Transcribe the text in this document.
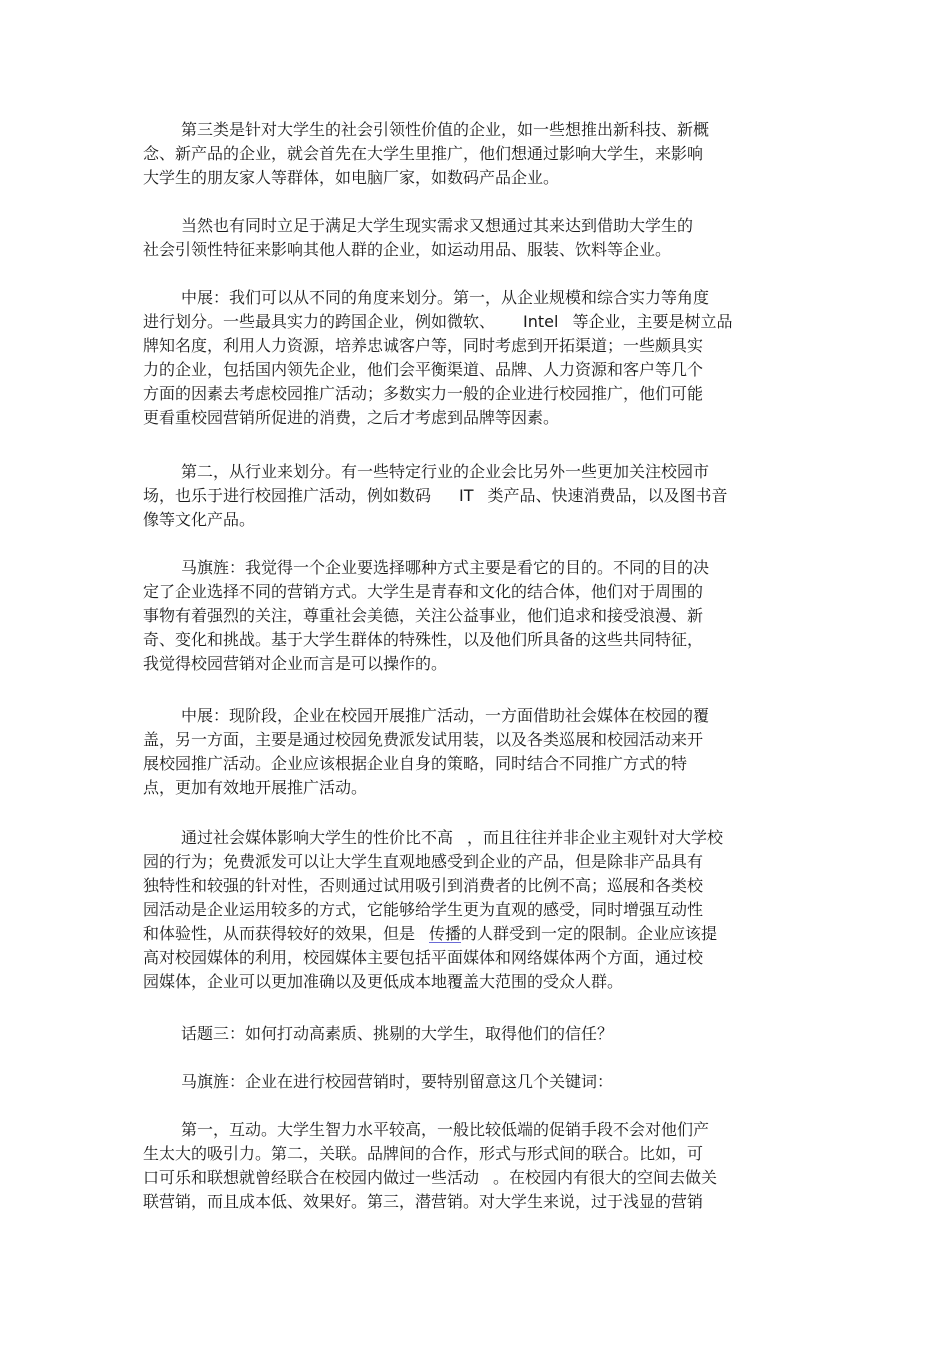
第三类是针对大学生的社会引领性价值的企业，如一些想推出新科技、新概
念、新产品的企业，就会首先在大学生里推广，他们想通过影响大学生，来影响
大学生的朋友家人等群体，如电脑厂家，如数码产品企业。
当然也有同时立足于满足大学生现实需求又想通过其来达到借助大学生的
社会引领性特征来影响其他人群的企业，如运动用品、服装、饮料等企业。
中展：我们可以从不同的角度来划分。第一，从企业规模和综合实力等角度
进行划分。一些最具实力的跨国企业，例如微软、 Intel 等企业，主要是树立品
牌知名度，利用人力资源，培养忠诚客户等，同时考虑到开拓渠道；一些颇具实
力的企业，包括国内领先企业，他们会平衡渠道、品牌、人力资源和客户等几个
方面的因素去考虑校园推广活动；多数实力一般的企业进行校园推广，他们可能
更看重校园营销所促进的消费，之后才考虑到品牌等因素。
第二，从行业来划分。有一些特定行业的企业会比另外一些更加关注校园市
场，也乐于进行校园推广活动，例如数码 IT 类产品、快速消费品，以及图书音
像等文化产品。
马旗旌：我觉得一个企业要选择哪种方式主要是看它的目的。不同的目的决
定了企业选择不同的营销方式。大学生是青春和文化的结合体，他们对于周围的
事物有着强烈的关注，尊重社会美德，关注公益事业，他们追求和接受浪漫、新
奇、变化和挑战。基于大学生群体的特殊性，以及他们所具备的这些共同特征，
我觉得校园营销对企业而言是可以操作的。
中展：现阶段，企业在校园开展推广活动，一方面借助社会媒体在校园的覆
盖，另一方面，主要是通过校园免费派发试用装，以及各类巡展和校园活动来开
展校园推广活动。企业应该根据企业自身的策略，同时结合不同推广方式的特
点，更加有效地开展推广活动。
通过社会媒体影响大学生的性价比不高 ，而且往往并非企业主观针对大学校
园的行为；免费派发可以让大学生直观地感受到企业的产品，但是除非产品具有
独特性和较强的针对性，否则通过试用吸引到消费者的比例不高；巡展和各类校
园活动是企业运用较多的方式，它能够给学生更为直观的感受，同时增强互动性
和体验性，从而获得较好的效果，但是 传播的人群受到一定的限制。企业应该提
高对校园媒体的利用，校园媒体主要包括平面媒体和网络媒体两个方面，通过校
园媒体，企业可以更加准确以及更低成本地覆盖大范围的受众人群。
话题三：如何打动高素质、挑剔的大学生，取得他们的信任？
马旗旌：企业在进行校园营销时，要特别留意这几个关键词：
第一，互动。大学生智力水平较高，一般比较低端的促销手段不会对他们产
生太大的吸引力。第二，关联。品牌间的合作，形式与形式间的联合。比如，可
口可乐和联想就曾经联合在校园内做过一些活动 。在校园内有很大的空间去做关
联营销，而且成本低、效果好。第三，潜营销。对大学生来说，过于浅显的营销
